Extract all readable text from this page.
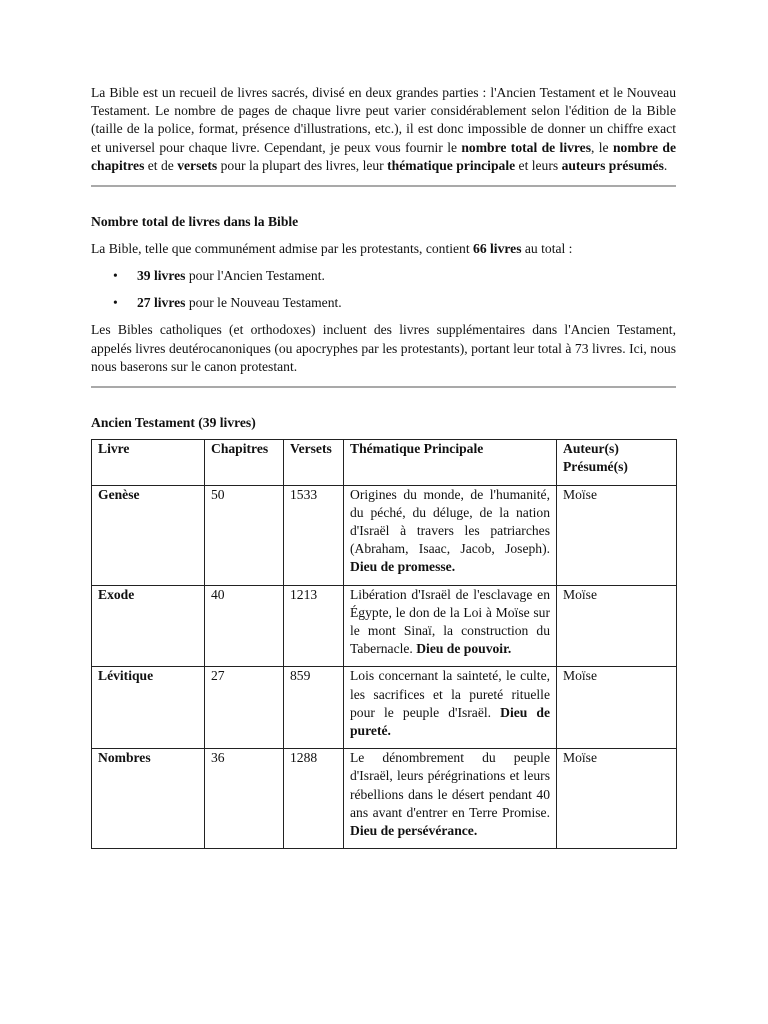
La Bible est un recueil de livres sacrés, divisé en deux grandes parties : l'Ancien Testament et le Nouveau Testament. Le nombre de pages de chaque livre peut varier considérablement selon l'édition de la Bible (taille de la police, format, présence d'illustrations, etc.), il est donc impossible de donner un chiffre exact et universel pour chaque livre. Cependant, je peux vous fournir le nombre total de livres, le nombre de chapitres et de versets pour la plupart des livres, leur thématique principale et leurs auteurs présumés.

Nombre total de livres dans la Bible

La Bible, telle que communément admise par les protestants, contient 66 livres au total :

• 39 livres pour l'Ancien Testament.
• 27 livres pour le Nouveau Testament.

Les Bibles catholiques (et orthodoxes) incluent des livres supplémentaires dans l'Ancien Testament, appelés livres deutérocanoniques (ou apocryphes par les protestants), portant leur total à 73 livres. Ici, nous nous baserons sur le canon protestant.

Ancien Testament (39 livres)
Livre	Chapitres	Versets	Thématique Principale	Auteur(s) Présumé(s)
Genèse	50	1533	Origines du monde, de l'humanité, du péché, du déluge, de la nation d'Israël à travers les patriarches (Abraham, Isaac, Jacob, Joseph). Dieu de promesse.	Moïse
Exode	40	1213	Libération d'Israël de l'esclavage en Égypte, le don de la Loi à Moïse sur le mont Sinaï, la construction du Tabernacle. Dieu de pouvoir.	Moïse
Lévitique	27	859	Lois concernant la sainteté, le culte, les sacrifices et la pureté rituelle pour le peuple d'Israël. Dieu de pureté.	Moïse
Nombres	36	1288	Le dénombrement du peuple d'Israël, leurs pérégrinations et leurs rébellions dans le désert pendant 40 ans avant d'entrer en Terre Promise. Dieu de persévérance.	Moïse
